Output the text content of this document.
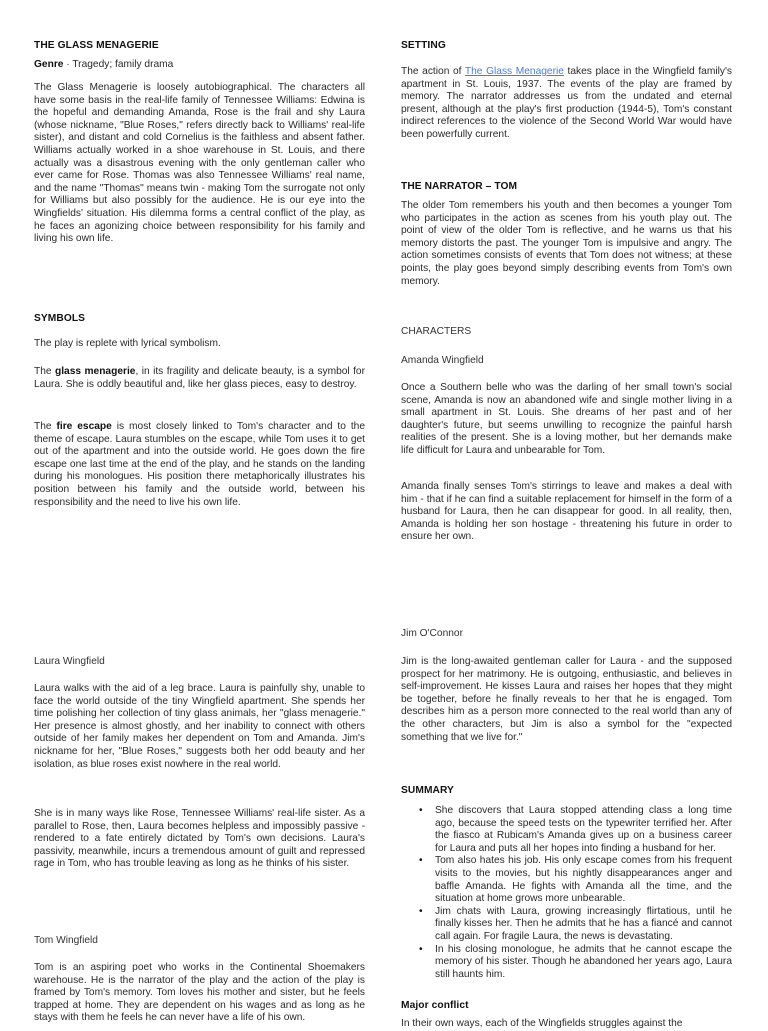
THE GLASS MENAGERIE
Genre · Tragedy; family drama
The Glass Menagerie is loosely autobiographical. The characters all have some basis in the real-life family of Tennessee Williams: Edwina is the hopeful and demanding Amanda, Rose is the frail and shy Laura (whose nickname, "Blue Roses," refers directly back to Williams' real-life sister), and distant and cold Cornelius is the faithless and absent father. Williams actually worked in a shoe warehouse in St. Louis, and there actually was a disastrous evening with the only gentleman caller who ever came for Rose. Thomas was also Tennessee Williams' real name, and the name "Thomas" means twin - making Tom the surrogate not only for Williams but also possibly for the audience. He is our eye into the Wingfields' situation. His dilemma forms a central conflict of the play, as he faces an agonizing choice between responsibility for his family and living his own life.
SYMBOLS
The play is replete with lyrical symbolism.
The glass menagerie, in its fragility and delicate beauty, is a symbol for Laura. She is oddly beautiful and, like her glass pieces, easy to destroy.
The fire escape is most closely linked to Tom's character and to the theme of escape. Laura stumbles on the escape, while Tom uses it to get out of the apartment and into the outside world. He goes down the fire escape one last time at the end of the play, and he stands on the landing during his monologues. His position there metaphorically illustrates his position between his family and the outside world, between his responsibility and the need to live his own life.
Laura Wingfield
Laura walks with the aid of a leg brace. Laura is painfully shy, unable to face the world outside of the tiny Wingfield apartment. She spends her time polishing her collection of tiny glass animals, her "glass menagerie." Her presence is almost ghostly, and her inability to connect with others outside of her family makes her dependent on Tom and Amanda. Jim's nickname for her, "Blue Roses," suggests both her odd beauty and her isolation, as blue roses exist nowhere in the real world.
She is in many ways like Rose, Tennessee Williams' real-life sister. As a parallel to Rose, then, Laura becomes helpless and impossibly passive - rendered to a fate entirely dictated by Tom's own decisions. Laura's passivity, meanwhile, incurs a tremendous amount of guilt and repressed rage in Tom, who has trouble leaving as long as he thinks of his sister.
Tom Wingfield
Tom is an aspiring poet who works in the Continental Shoemakers warehouse. He is the narrator of the play and the action of the play is framed by Tom's memory. Tom loves his mother and sister, but he feels trapped at home. They are dependent on his wages and as long as he stays with them he feels he can never have a life of his own.
SETTING
The action of The Glass Menagerie takes place in the Wingfield family's apartment in St. Louis, 1937. The events of the play are framed by memory. The narrator addresses us from the undated and eternal present, although at the play's first production (1944-5), Tom's constant indirect references to the violence of the Second World War would have been powerfully current.
THE NARRATOR – TOM
The older Tom remembers his youth and then becomes a younger Tom who participates in the action as scenes from his youth play out. The point of view of the older Tom is reflective, and he warns us that his memory distorts the past. The younger Tom is impulsive and angry. The action sometimes consists of events that Tom does not witness; at these points, the play goes beyond simply describing events from Tom's own memory.
CHARACTERS
Amanda Wingfield
Once a Southern belle who was the darling of her small town's social scene, Amanda is now an abandoned wife and single mother living in a small apartment in St. Louis. She dreams of her past and of her daughter's future, but seems unwilling to recognize the painful harsh realities of the present. She is a loving mother, but her demands make life difficult for Laura and unbearable for Tom.
Amanda finally senses Tom's stirrings to leave and makes a deal with him - that if he can find a suitable replacement for himself in the form of a husband for Laura, then he can disappear for good. In all reality, then, Amanda is holding her son hostage - threatening his future in order to ensure her own.
Jim O'Connor
Jim is the long-awaited gentleman caller for Laura - and the supposed prospect for her matrimony. He is outgoing, enthusiastic, and believes in self-improvement. He kisses Laura and raises her hopes that they might be together, before he finally reveals to her that he is engaged. Tom describes him as a person more connected to the real world than any of the other characters, but Jim is also a symbol for the "expected something that we live for."
SUMMARY
• She discovers that Laura stopped attending class a long time ago, because the speed tests on the typewriter terrified her. After the fiasco at Rubicam's Amanda gives up on a business career for Laura and puts all her hopes into finding a husband for her.
• Tom also hates his job. His only escape comes from his frequent visits to the movies, but his nightly disappearances anger and baffle Amanda. He fights with Amanda all the time, and the situation at home grows more unbearable.
• Jim chats with Laura, growing increasingly flirtatious, until he finally kisses her. Then he admits that he has a fiancé and cannot call again. For fragile Laura, the news is devastating.
• In his closing monologue, he admits that he cannot escape the memory of his sister. Though he abandoned her years ago, Laura still haunts him.
Major conflict
In their own ways, each of the Wingfields struggles against the
